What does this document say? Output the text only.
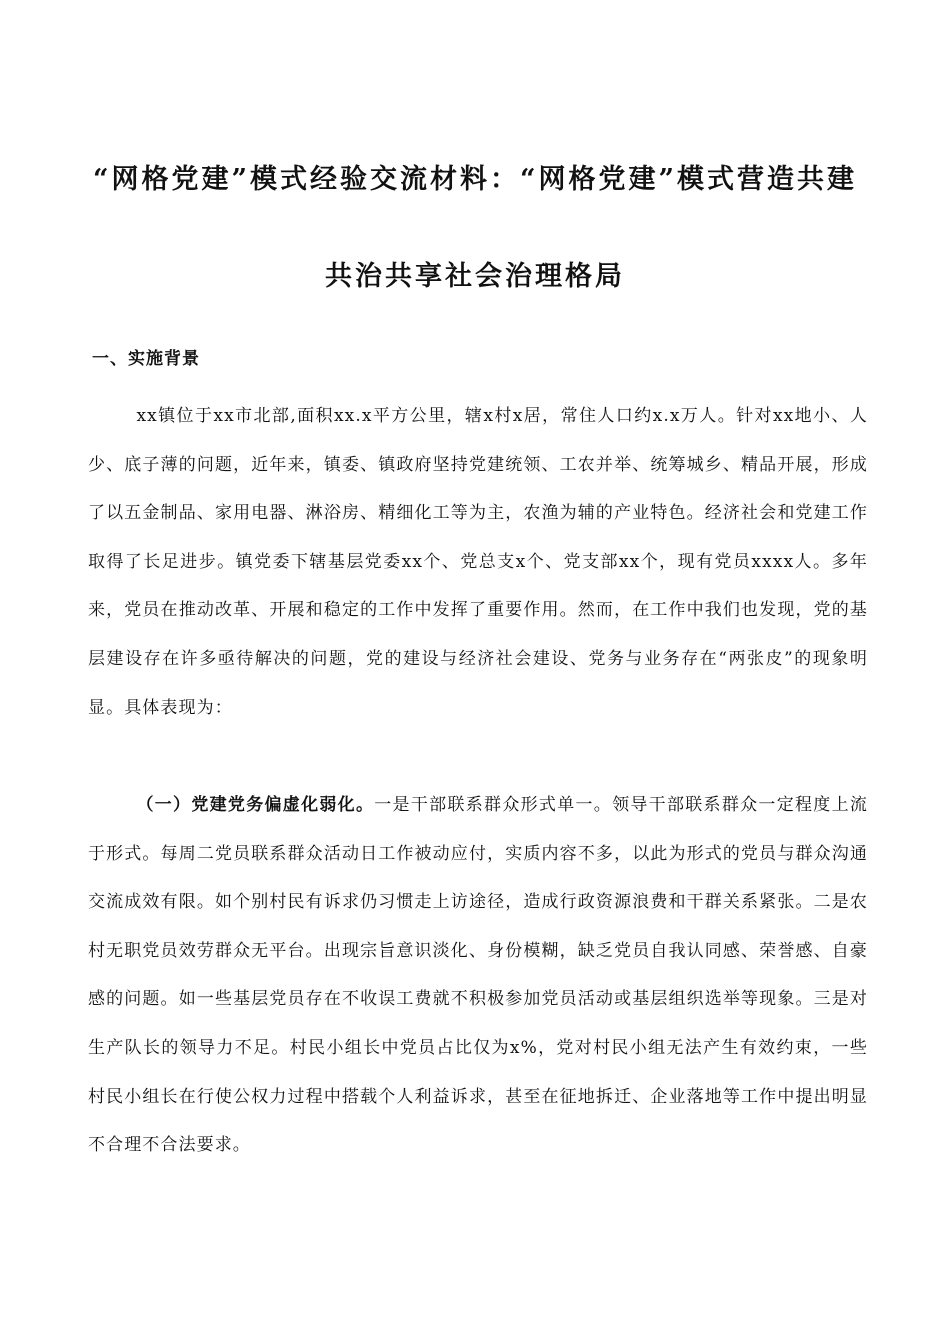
“网格党建”模式经验交流材料：“网格党建”模式营造共建
共治共享社会治理格局
一、实施背景

xx镇位于xx市北部,面积xx.x平方公里，辖x村x居，常住人口约x.x万人。针对xx地小、人少、底子薄的问题，近年来，镇委、镇政府坚持党建统领、工农并举、统筹城乡、精品开展，形成了以五金制品、家用电器、淋浴房、精细化工等为主，农渔为辅的产业特色。经济社会和党建工作取得了长足进步。镇党委下辖基层党委xx个、党总支x个、党支部xx个，现有党员xxxx人。多年来，党员在推动改革、开展和稳定的工作中发挥了重要作用。然而，在工作中我们也发现，党的基层建设存在许多亟待解决的问题，党的建设与经济社会建设、党务与业务存在“两张皮”的现象明显。具体表现为：

（一）党建党务偏虚化弱化。一是干部联系群众形式单一。领导干部联系群众一定程度上流于形式。每周二党员联系群众活动日工作被动应付，实质内容不多，以此为形式的党员与群众沟通交流成效有限。如个别村民有诉求仍习惯走上访途径，造成行政资源浪费和干群关系紧张。二是农村无职党员效劳群众无平台。出现宗旨意识淡化、身份模糊，缺乏党员自我认同感、荣誉感、自豪感的问题。如一些基层党员存在不收误工费就不积极参加党员活动或基层组织选举等现象。三是对生产队长的领导力不足。村民小组长中党员占比仅为x%，党对村民小组无法产生有效约束，一些村民小组长在行使公权力过程中搭载个人利益诉求，甚至在征地拆迁、企业落地等工作中提出明显不合理不合法要求。
